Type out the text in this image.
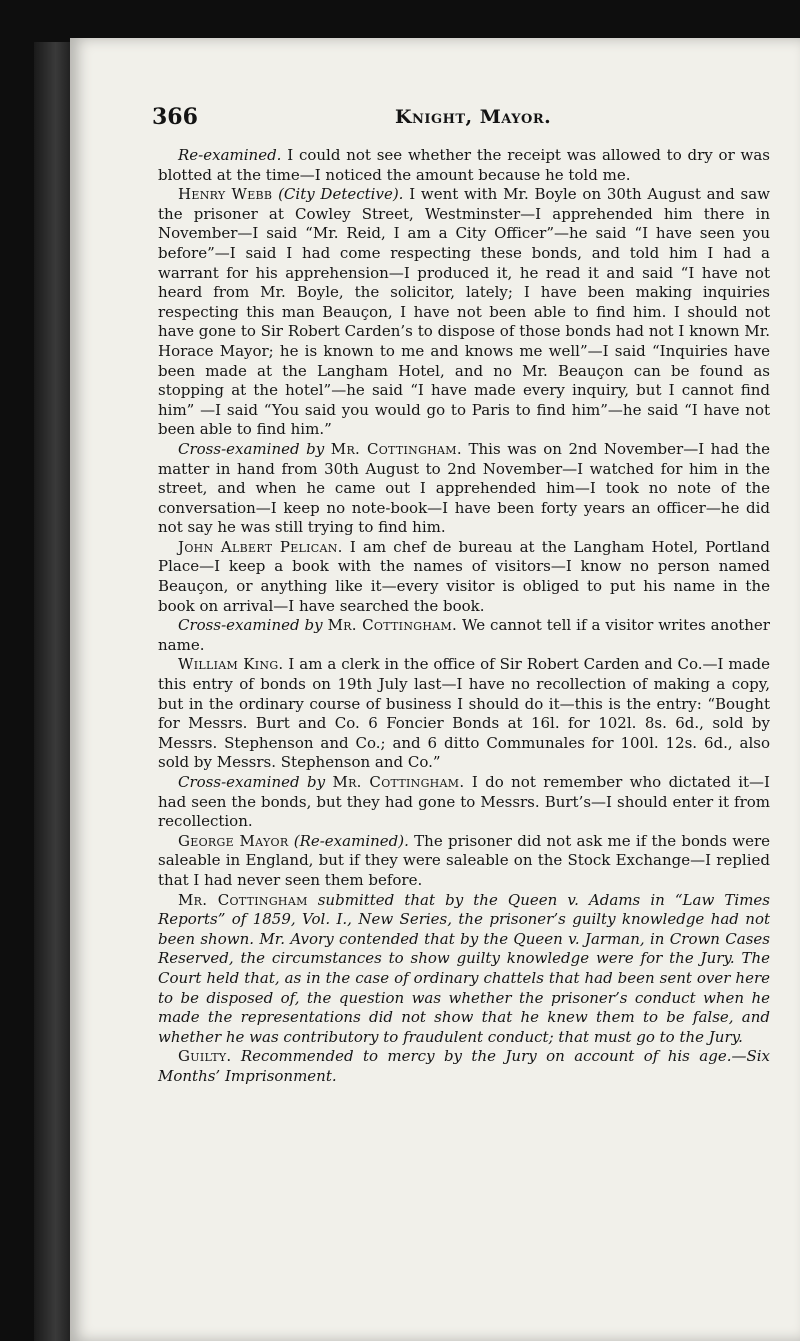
366	Knight, Mayor.

Re-examined. I could not see whether the receipt was allowed to dry or was blotted at the time—I noticed the amount because he told me.

Henry Webb (City Detective). I went with Mr. Boyle on 30th August and saw the prisoner at Cowley Street, Westminster—I apprehended him there in November—I said “Mr. Reid, I am a City Officer”—he said “I have seen you before”—I said I had come respecting these bonds, and told him I had a warrant for his apprehension—I produced it, he read it and said “I have not heard from Mr. Boyle, the solicitor, lately; I have been making inquiries respecting this man Beauçon, I have not been able to find him. I should not have gone to Sir Robert Carden’s to dispose of those bonds had not I known Mr. Horace Mayor; he is known to me and knows me well”—I said “Inquiries have been made at the Langham Hotel, and no Mr. Beauçon can be found as stopping at the hotel”—he said “I have made every inquiry, but I cannot find him” —I said “You said you would go to Paris to find him”—he said “I have not been able to find him.”

Cross-examined by Mr. Cottingham. This was on 2nd November—I had the matter in hand from 30th August to 2nd November—I watched for him in the street, and when he came out I apprehended him—I took no note of the conversation—I keep no note-book—I have been forty years an officer—he did not say he was still trying to find him.

John Albert Pelican. I am chef de bureau at the Langham Hotel, Portland Place—I keep a book with the names of visitors—I know no person named Beauçon, or anything like it—every visitor is obliged to put his name in the book on arrival—I have searched the book.

Cross-examined by Mr. Cottingham. We cannot tell if a visitor writes another name.

William King. I am a clerk in the office of Sir Robert Carden and Co.—I made this entry of bonds on 19th July last—I have no recollection of making a copy, but in the ordinary course of business I should do it—this is the entry: “Bought for Messrs. Burt and Co. 6 Foncier Bonds at 16l. for 102l. 8s. 6d., sold by Messrs. Stephenson and Co.; and 6 ditto Communales for 100l. 12s. 6d., also sold by Messrs. Stephenson and Co.”

Cross-examined by Mr. Cottingham. I do not remember who dictated it—I had seen the bonds, but they had gone to Messrs. Burt’s—I should enter it from recollection.

George Mayor (Re-examined). The prisoner did not ask me if the bonds were saleable in England, but if they were saleable on the Stock Exchange—I replied that I had never seen them before.

Mr. Cottingham submitted that by the Queen v. Adams in “Law Times Reports” of 1859, Vol. I., New Series, the prisoner’s guilty knowledge had not been shown. Mr. Avory contended that by the Queen v. Jarman, in Crown Cases Reserved, the circumstances to show guilty knowledge were for the Jury. The Court held that, as in the case of ordinary chattels that had been sent over here to be disposed of, the question was whether the prisoner’s conduct when he made the representations did not show that he knew them to be false, and whether he was contributory to fraudulent conduct; that must go to the Jury.

Guilty. Recommended to mercy by the Jury on account of his age.—Six Months’ Imprisonment.
